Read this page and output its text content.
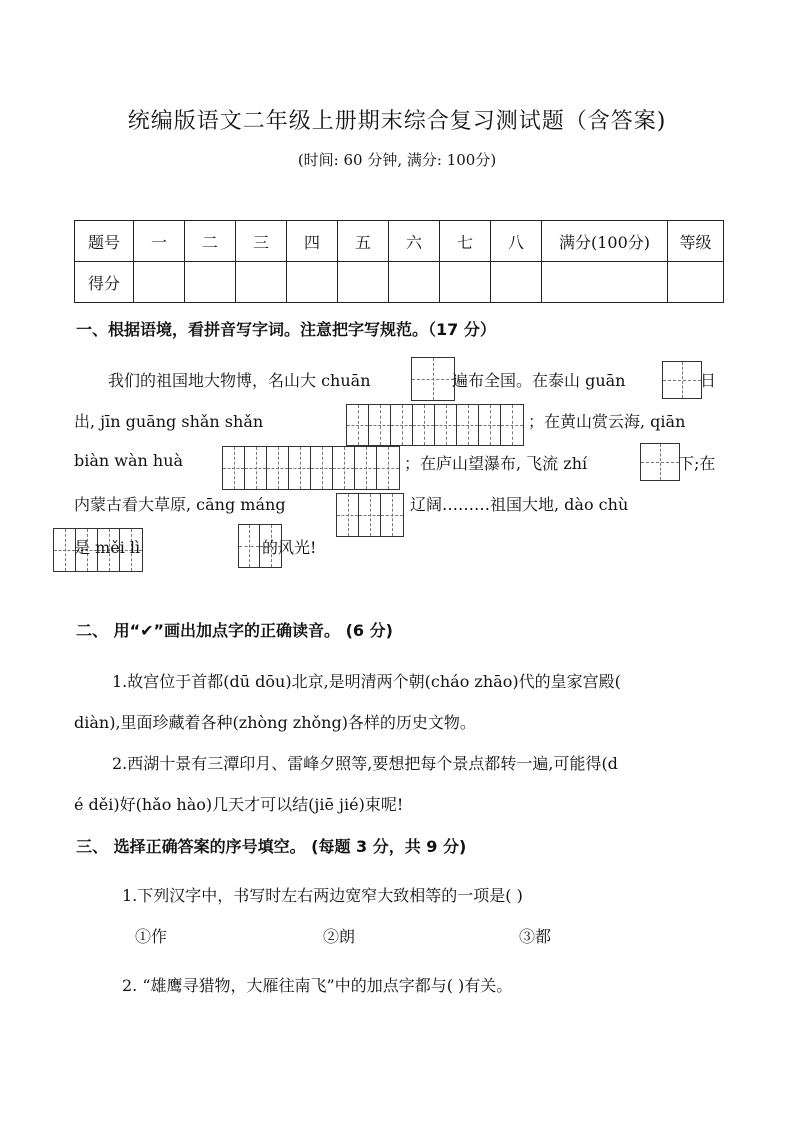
统编版语文二年级上册期末综合复习测试题（含答案)
(时间: 60 分钟, 满分: 100分)
题号	一	二	三	四	五	六	七	八	满分(100分)	等级
得分										
一、根据语境，看拼音写字词。注意把字写规范。（17 分）
我们的祖国地大物博，名山大 chuān	遍布全国。在泰山 guān	日
出, jīn guāng shǎn shǎn	；在黄山赏云海, qiān
biàn wàn huà	；在庐山望瀑布, 飞流 zhí	下;在
内蒙古看大草原, cāng máng	辽阔………祖国大地, dào chù
是 měi lì	的风光!
二、 用“✔”画出加点字的正确读音。 (6 分)
1.故宫位于首都(dū dōu)北京,是明清两个朝(cháo zhāo)代的皇家宫殿(
diàn),里面珍藏着各种(zhòng zhǒng)各样的历史文物。
2.西湖十景有三潭印月、雷峰夕照等,要想把每个景点都转一遍,可能得(d
é děi)好(hǎo hào)几天才可以结(jiē jié)束呢!
三、 选择正确答案的序号填空。 (每题 3 分，共 9 分)
1.下列汉字中，书写时左右两边宽窄大致相等的一项是( )
①作	②朗	③都
2. “雄鹰寻猎物，大雁往南飞”中的加点字都与( )有关。
